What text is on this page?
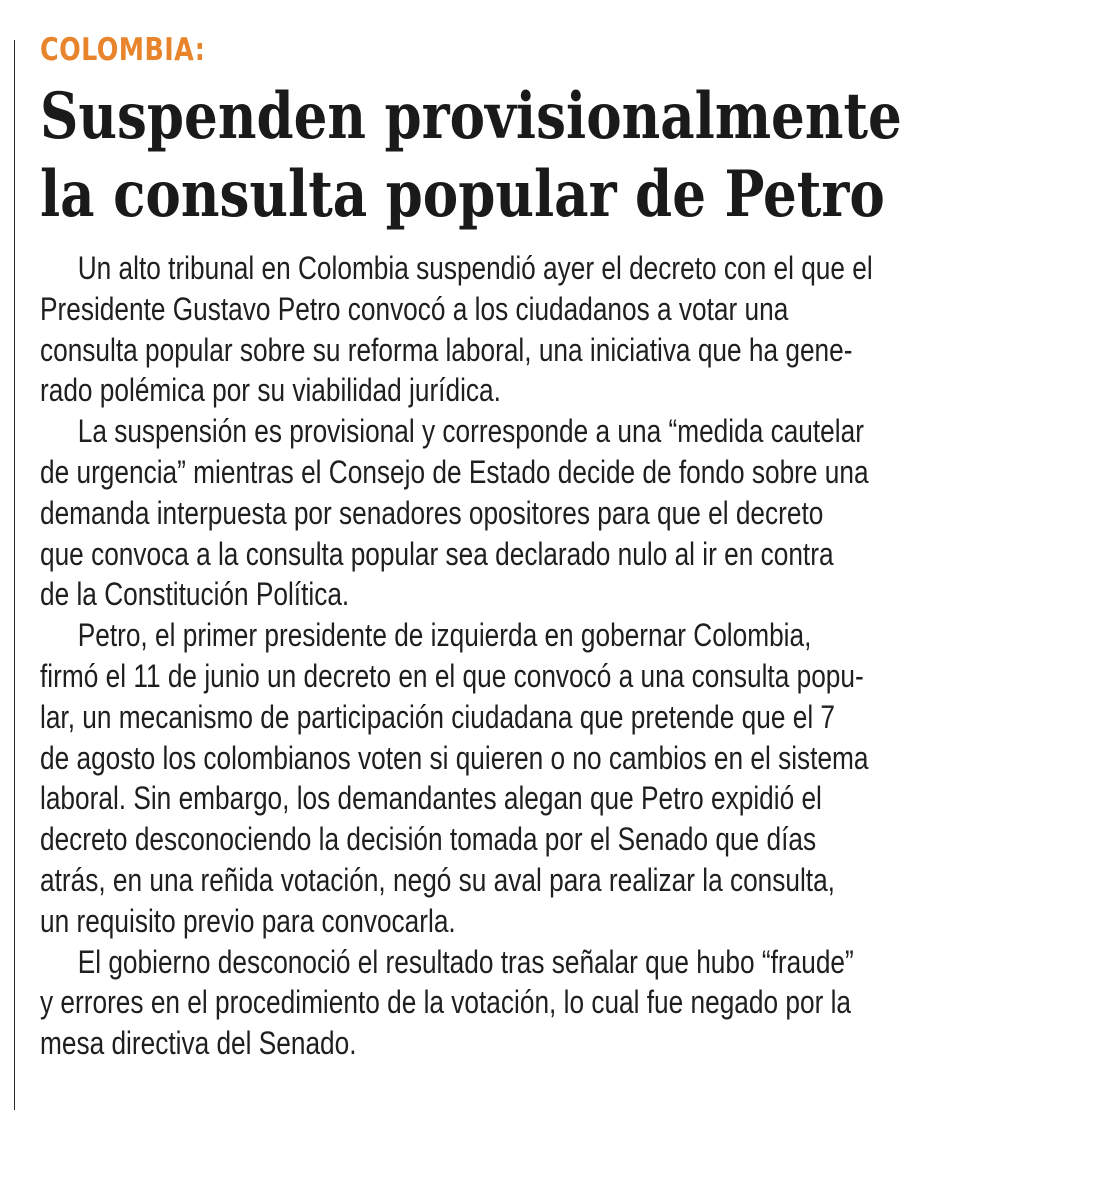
COLOMBIA:
Suspenden provisionalmente
la consulta popular de Petro
Un alto tribunal en Colombia suspendió ayer el decreto con el que el
Presidente Gustavo Petro convocó a los ciudadanos a votar una
consulta popular sobre su reforma laboral, una iniciativa que ha gene-
rado polémica por su viabilidad jurídica.
La suspensión es provisional y corresponde a una “medida cautelar
de urgencia” mientras el Consejo de Estado decide de fondo sobre una
demanda interpuesta por senadores opositores para que el decreto
que convoca a la consulta popular sea declarado nulo al ir en contra
de la Constitución Política.
Petro, el primer presidente de izquierda en gobernar Colombia,
firmó el 11 de junio un decreto en el que convocó a una consulta popu-
lar, un mecanismo de participación ciudadana que pretende que el 7
de agosto los colombianos voten si quieren o no cambios en el sistema
laboral. Sin embargo, los demandantes alegan que Petro expidió el
decreto desconociendo la decisión tomada por el Senado que días
atrás, en una reñida votación, negó su aval para realizar la consulta,
un requisito previo para convocarla.
El gobierno desconoció el resultado tras señalar que hubo “fraude”
y errores en el procedimiento de la votación, lo cual fue negado por la
mesa directiva del Senado.
